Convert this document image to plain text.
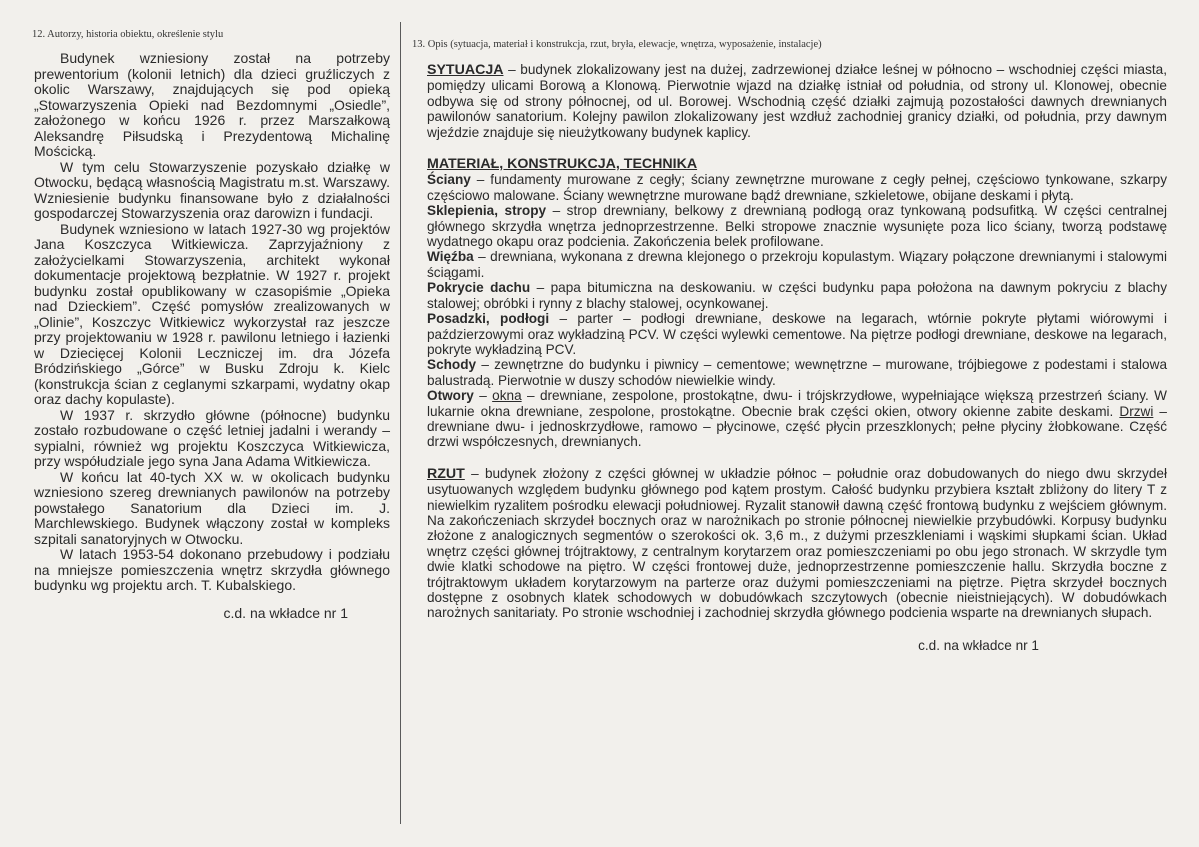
12. Autorzy, historia obiektu, określenie stylu
13. Opis (sytuacja, materiał i konstrukcja, rzut, bryła, elewacje, wnętrza, wyposażenie, instalacje)

Budynek wzniesiony został na potrzeby prewentorium (kolonii letnich) dla dzieci gruźliczych z okolic Warszawy, znajdujących się pod opieką „Stowarzyszenia Opieki nad Bezdomnymi „Osiedle”, założonego w końcu 1926 r. przez Marszałkową Aleksandrę Piłsudską i Prezydentową Michalinę Mościcką.

W tym celu Stowarzyszenie pozyskało działkę w Otwocku, będącą własnością Magistratu m.st. Warszawy. Wzniesienie budynku finansowane było z działalności gospodarczej Stowarzyszenia oraz darowizn i fundacji.

Budynek wzniesiono w latach 1927-30 wg projektów Jana Koszczyca Witkiewicza. Zaprzyjaźniony z założycielkami Stowarzyszenia, architekt wykonał dokumentacje projektową bezpłatnie. W 1927 r. projekt budynku został opublikowany w czasopiśmie „Opieka nad Dzieckiem”. Część pomysłów zrealizowanych w „Olinie”, Koszczyc Witkiewicz wykorzystał raz jeszcze przy projektowaniu w 1928 r. pawilonu letniego i łazienki w Dziecięcej Kolonii Leczniczej im. dra Józefa Bródzińskiego „Górce” w Busku Zdroju k. Kielc (konstrukcja ścian z ceglanymi szkarpami, wydatny okap oraz dachy kopulaste).

W 1937 r. skrzydło główne (północne) budynku zostało rozbudowane o część letniej jadalni i werandy – sypialni, również wg projektu Koszczyca Witkiewicza, przy współudziale jego syna Jana Adama Witkiewicza.

W końcu lat 40-tych XX w. w okolicach budynku wzniesiono szereg drewnianych pawilonów na potrzeby powstałego Sanatorium dla Dzieci im. J. Marchlewskiego. Budynek włączony został w kompleks szpitali sanatoryjnych w Otwocku.

W latach 1953-54 dokonano przebudowy i podziału na mniejsze pomieszczenia wnętrz skrzydła głównego budynku wg projektu arch. T. Kubalskiego.

c.d. na wkładce nr 1

SYTUACJA – budynek zlokalizowany jest na dużej, zadrzewionej działce leśnej w północno – wschodniej części miasta, pomiędzy ulicami Borową a Klonową. Pierwotnie wjazd na działkę istniał od południa, od strony ul. Klonowej, obecnie odbywa się od strony północnej, od ul. Borowej. Wschodnią część działki zajmują pozostałości dawnych drewnianych pawilonów sanatorium. Kolejny pawilon zlokalizowany jest wzdłuż zachodniej granicy działki, od południa, przy dawnym wjeździe znajduje się nieużytkowany budynek kaplicy.

MATERIAŁ, KONSTRUKCJA, TECHNIKA

Ściany – fundamenty murowane z cegły; ściany zewnętrzne murowane z cegły pełnej, częściowo tynkowane, szkarpy częściowo malowane. Ściany wewnętrzne murowane bądź drewniane, szkieletowe, obijane deskami i płytą.

Sklepienia, stropy – strop drewniany, belkowy z drewnianą podłogą oraz tynkowaną podsufitką. W części centralnej głównego skrzydła wnętrza jednoprzestrzenne. Belki stropowe znacznie wysunięte poza lico ściany, tworzą podstawę wydatnego okapu oraz podcienia. Zakończenia belek profilowane.

Więźba – drewniana, wykonana z drewna klejonego o przekroju kopulastym. Wiązary połączone drewnianymi i stalowymi ściągami.

Pokrycie dachu – papa bitumiczna na deskowaniu. w części budynku papa położona na dawnym pokryciu z blachy stalowej; obróbki i rynny z blachy stalowej, ocynkowanej.

Posadzki, podłogi – parter – podłogi drewniane, deskowe na legarach, wtórnie pokryte płytami wiórowymi i paździerzowymi oraz wykładziną PCV. W części wylewki cementowe. Na piętrze podłogi drewniane, deskowe na legarach, pokryte wykładziną PCV.

Schody – zewnętrzne do budynku i piwnicy – cementowe; wewnętrzne – murowane, trójbiegowe z podestami i stalowa balustradą. Pierwotnie w duszy schodów niewielkie windy.

Otwory – okna – drewniane, zespolone, prostokątne, dwu- i trójskrzydłowe, wypełniające większą przestrzeń ściany. W lukarnie okna drewniane, zespolone, prostokątne. Obecnie brak części okien, otwory okienne zabite deskami. Drzwi – drewniane dwu- i jednoskrzydłowe, ramowo – płycinowe, część płycin przeszklonych; pełne płyciny żłobkowane. Część drzwi współczesnych, drewnianych.

RZUT – budynek złożony z części głównej w układzie północ – południe oraz dobudowanych do niego dwu skrzydeł usytuowanych względem budynku głównego pod kątem prostym. Całość budynku przybiera kształt zbliżony do litery T z niewielkim ryzalitem pośrodku elewacji południowej. Ryzalit stanowił dawną część frontową budynku z wejściem głównym. Na zakończeniach skrzydeł bocznych oraz w narożnikach po stronie północnej niewielkie przybudówki. Korpusy budynku złożone z analogicznych segmentów o szerokości ok. 3,6 m., z dużymi przeszkleniami i wąskimi słupkami ścian. Układ wnętrz części głównej trójtraktowy, z centralnym korytarzem oraz pomieszczeniami po obu jego stronach. W skrzydle tym dwie klatki schodowe na piętro. W części frontowej duże, jednoprzestrzenne pomieszczenie hallu. Skrzydła boczne z trójtraktowym układem korytarzowym na parterze oraz dużymi pomieszczeniami na piętrze. Piętra skrzydeł bocznych dostępne z osobnych klatek schodowych w dobudówkach szczytowych (obecnie nieistniejących). W dobudówkach narożnych sanitariaty. Po stronie wschodniej i zachodniej skrzydła głównego podcienia wsparte na drewnianych słupach.

c.d. na wkładce nr 1
